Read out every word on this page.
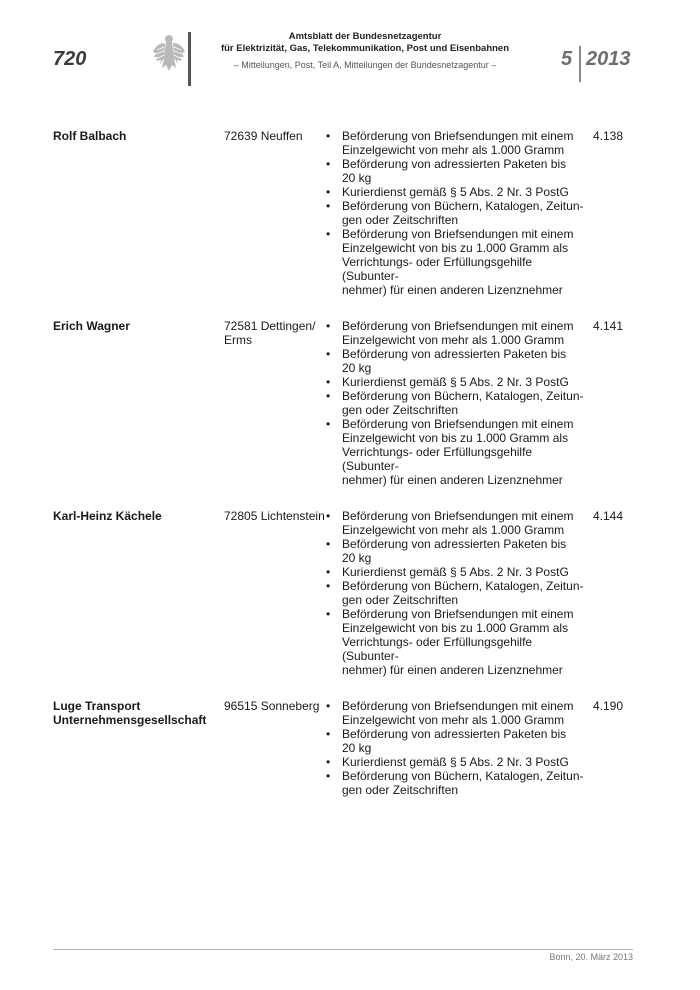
720
Amtsblatt der Bundesnetzagentur
für Elektrizität, Gas, Telekommunikation, Post und Eisenbahnen
– Mitteilungen, Post, Teil A, Mitteilungen der Bundesnetzagentur –	5 2013
Rolf Balbach	72639 Neuffen	• Beförderung von Briefsendungen mit einem
Einzelgewicht von mehr als 1.000 Gramm
• Beförderung von adressierten Paketen bis
20 kg
• Kurierdienst gemäß § 5 Abs. 2 Nr. 3 PostG
• Beförderung von Büchern, Katalogen, Zeitun-
gen oder Zeitschriften
• Beförderung von Briefsendungen mit einem
Einzelgewicht von bis zu 1.000 Gramm als
Verrichtungs- oder Erfüllungsgehilfe (Subunter-
nehmer) für einen anderen Lizenznehmer
4.138
Erich Wagner	72581 Dettingen/
Erms
• Beförderung von Briefsendungen mit einem
Einzelgewicht von mehr als 1.000 Gramm
• Beförderung von adressierten Paketen bis
20 kg
• Kurierdienst gemäß § 5 Abs. 2 Nr. 3 PostG
• Beförderung von Büchern, Katalogen, Zeitun-
gen oder Zeitschriften
• Beförderung von Briefsendungen mit einem
Einzelgewicht von bis zu 1.000 Gramm als
Verrichtungs- oder Erfüllungsgehilfe (Subunter-
nehmer) für einen anderen Lizenznehmer
4.141
Karl-Heinz Kächele	72805 Lichtenstein • Beförderung von Briefsendungen mit einem
Einzelgewicht von mehr als 1.000 Gramm
• Beförderung von adressierten Paketen bis
20 kg
• Kurierdienst gemäß § 5 Abs. 2 Nr. 3 PostG
• Beförderung von Büchern, Katalogen, Zeitun-
gen oder Zeitschriften
• Beförderung von Briefsendungen mit einem
Einzelgewicht von bis zu 1.000 Gramm als
Verrichtungs- oder Erfüllungsgehilfe (Subunter-
nehmer) für einen anderen Lizenznehmer
4.144
Luge Transport
Unternehmensgesellschaft
96515 Sonneberg • Beförderung von Briefsendungen mit einem
Einzelgewicht von mehr als 1.000 Gramm
• Beförderung von adressierten Paketen bis
20 kg
• Kurierdienst gemäß § 5 Abs. 2 Nr. 3 PostG
• Beförderung von Büchern, Katalogen, Zeitun-
gen oder Zeitschriften
4.190
Bonn, 20. März 2013
